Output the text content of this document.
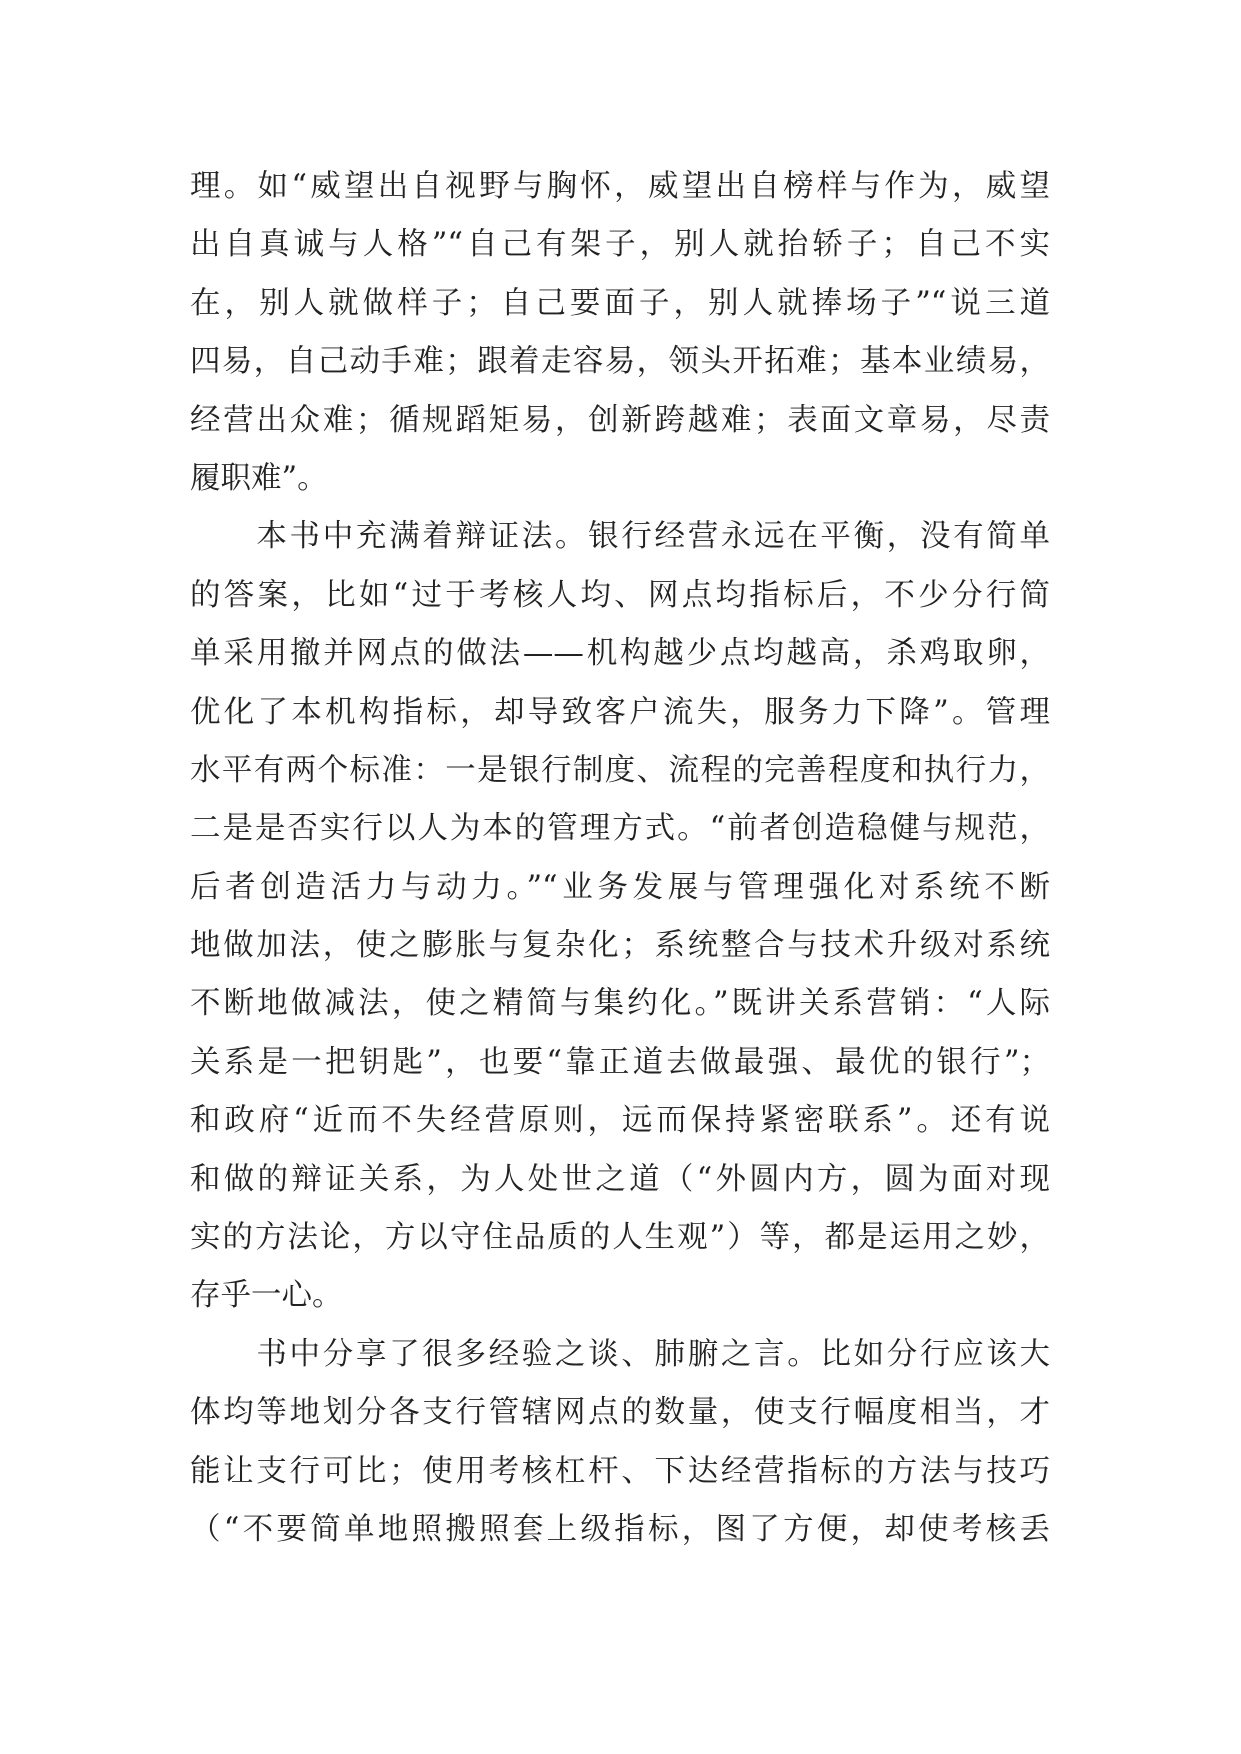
理。如“威望出自视野与胸怀，威望出自榜样与作为，威望
出自真诚与人格”“自己有架子，别人就抬轿子；自己不实
在，别人就做样子；自己要面子，别人就捧场子”“说三道
四易，自己动手难；跟着走容易，领头开拓难；基本业绩易，
经营出众难；循规蹈矩易，创新跨越难；表面文章易，尽责
履职难”。
　　本书中充满着辩证法。银行经营永远在平衡，没有简单
的答案，比如“过于考核人均、网点均指标后，不少分行简
单采用撤并网点的做法——机构越少点均越高，杀鸡取卵，
优化了本机构指标，却导致客户流失，服务力下降”。管理
水平有两个标准：一是银行制度、流程的完善程度和执行力，
二是是否实行以人为本的管理方式。“前者创造稳健与规范，
后者创造活力与动力。”“业务发展与管理强化对系统不断
地做加法，使之膨胀与复杂化；系统整合与技术升级对系统
不断地做减法，使之精简与集约化。”既讲关系营销：“人际
关系是一把钥匙”，也要“靠正道去做最强、最优的银行”；
和政府“近而不失经营原则，远而保持紧密联系”。还有说
和做的辩证关系，为人处世之道（“外圆内方，圆为面对现
实的方法论，方以守住品质的人生观”）等，都是运用之妙，
存乎一心。
　　书中分享了很多经验之谈、肺腑之言。比如分行应该大
体均等地划分各支行管辖网点的数量，使支行幅度相当，才
能让支行可比；使用考核杠杆、下达经营指标的方法与技巧
（“不要简单地照搬照套上级指标，图了方便，却使考核丢
